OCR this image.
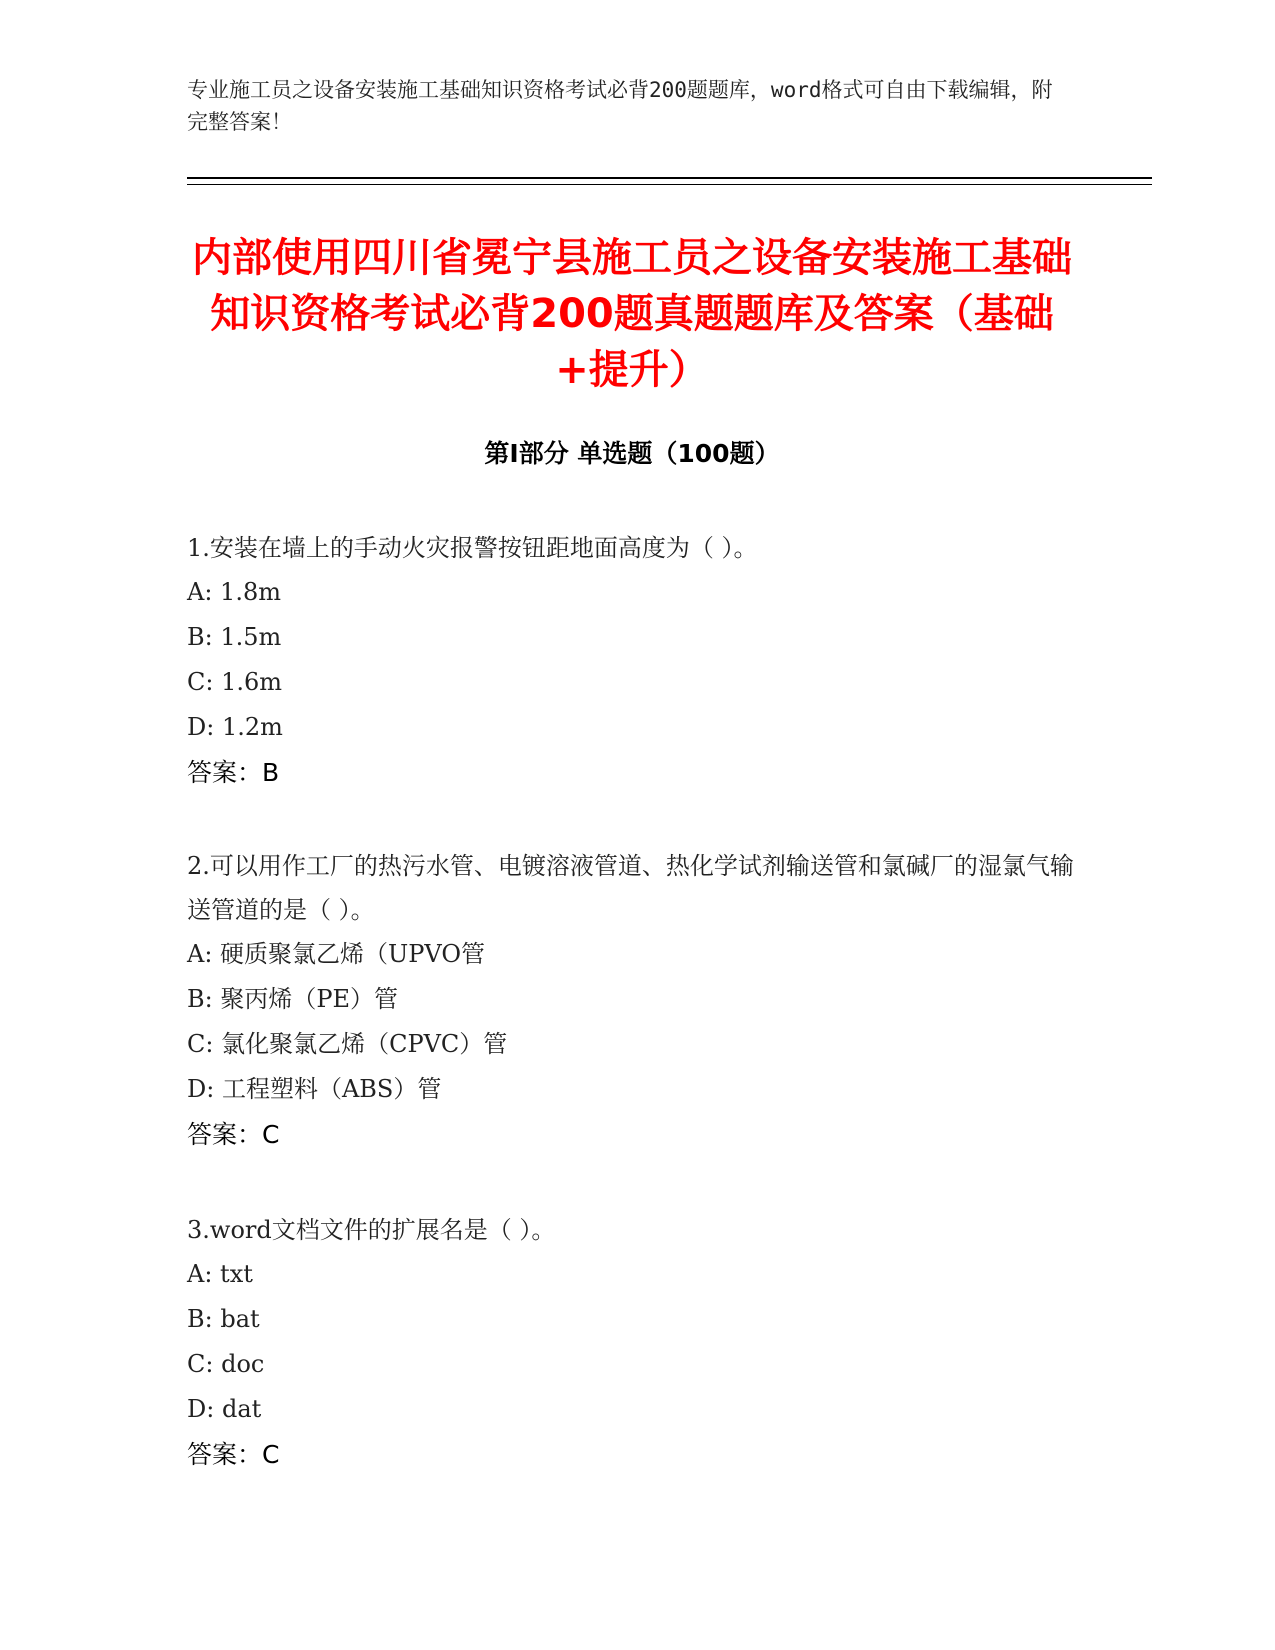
专业施工员之设备安装施工基础知识资格考试必背200题题库，word格式可自由下载编辑，附完整答案！
内部使用四川省冕宁县施工员之设备安装施工基础知识资格考试必背200题真题题库及答案（基础+提升）
第I部分 单选题（100题）

1.安装在墙上的手动火灾报警按钮距地面高度为（ ）。

A: 1.8m

B: 1.5m

C: 1.6m

D: 1.2m

答案：B

2.可以用作工厂的热污水管、电镀溶液管道、热化学试剂输送管和氯碱厂的湿氯气输送管道的是（ ）。

A: 硬质聚氯乙烯（UPVO管

B: 聚丙烯（PE）管

C: 氯化聚氯乙烯（CPVC）管

D: 工程塑料（ABS）管

答案：C

3.word文档文件的扩展名是（ ）。

A: txt

B: bat

C: doc

D: dat

答案：C
